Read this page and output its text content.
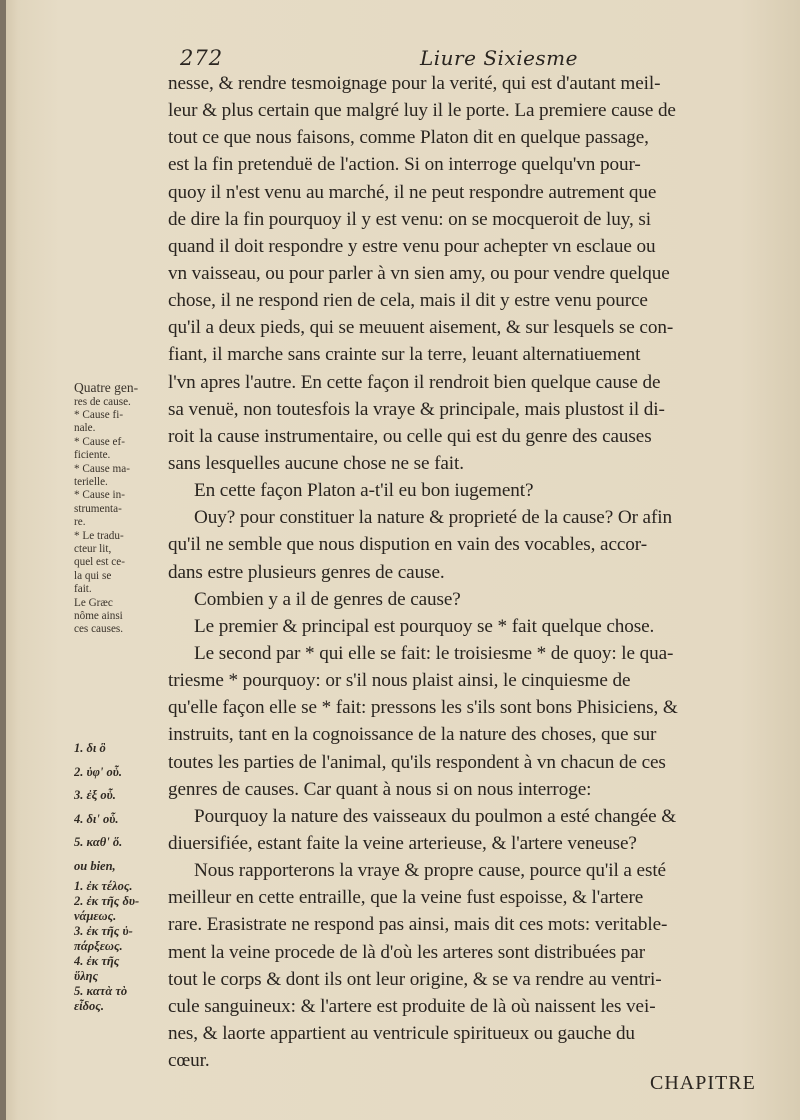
272	Liure Sixiesme
nesse, & rendre tesmoignage pour la verité, qui est d'autant meil-
leur & plus certain que malgré luy il le porte. La premiere cause de
tout ce que nous faisons, comme Platon dit en quelque passage,
est la fin pretenduë de l'action. Si on interroge quelqu'vn pour-
quoy il n'est venu au marché, il ne peut respondre autrement que
de dire la fin pourquoy il y est venu: on se mocqueroit de luy, si
quand il doit respondre y estre venu pour achepter vn esclaue ou
vn vaisseau, ou pour parler à vn sien amy, ou pour vendre quelque
chose, il ne respond rien de cela, mais il dit y estre venu pource
qu'il a deux pieds, qui se meuuent aisement, & sur lesquels se con-
fiant, il marche sans crainte sur la terre, leuant alternatiuement
l'vn apres l'autre. En cette façon il rendroit bien quelque cause de
sa venuë, non toutesfois la vraye & principale, mais plustost il di-
roit la cause instrumentaire, ou celle qui est du genre des causes
sans lesquelles aucune chose ne se fait.
En cette façon Platon a-t'il eu bon iugement?
Ouy? pour constituer la nature & proprieté de la cause? Or afin
qu'il ne semble que nous dispution en vain des vocables, accor-
dans estre plusieurs genres de cause.
Combien y a il de genres de cause?
Le premier & principal est pourquoy se * fait quelque chose.
Le second par * qui elle se fait: le troisiesme * de quoy: le qua-
triesme * pourquoy: or s'il nous plaist ainsi, le cinquiesme de
qu'elle façon elle se * fait: pressons les s'ils sont bons Phisiciens, &
instruits, tant en la cognoissance de la nature des choses, que sur
toutes les parties de l'animal, qu'ils respondent à vn chacun de ces
genres de causes. Car quant à nous si on nous interroge:
Pourquoy la nature des vaisseaux du poulmon a esté changée &
diuersifiée, estant faite la veine arterieuse, & l'artere veneuse?
Nous rapporterons la vraye & propre cause, pource qu'il a esté
meilleur en cette entraille, que la veine fust espoisse, & l'artere
rare. Erasistrate ne respond pas ainsi, mais dit ces mots: veritable-
ment la veine procede de là d'où les arteres sont distribuées par
tout le corps & dont ils ont leur origine, & se va rendre au ventri-
cule sanguineux: & l'artere est produite de là où naissent les vei-
nes, & laorte appartient au ventricule spiritueux ou gauche du
cœur.
Quatre gen-
res de cause.
* Cause fi-
nale.
* Cause ef-
ficiente.
* Cause ma-
terielle.
* Cause in-
strumenta-
re.
* Le tradu-
cteur lit,
quel est ce-
la qui se
fait.
Le Græc
nôme ainsi
ces causes.
1. δι ὃ
2. ὑφ' οὗ.
3. ἐξ οὗ.
4. δι' οὗ.
5. καθ' ὅ.
ou bien,
1. ἐκ τέλος.
2. ἐκ τῆς δυ-
νάμεως.
3. ἐκ τῆς ὑ-
πάρξεως.
4. ἐκ τῆς
ὕλης
5. κατὰ τὸ
εἶδος.
CHAPITRE
